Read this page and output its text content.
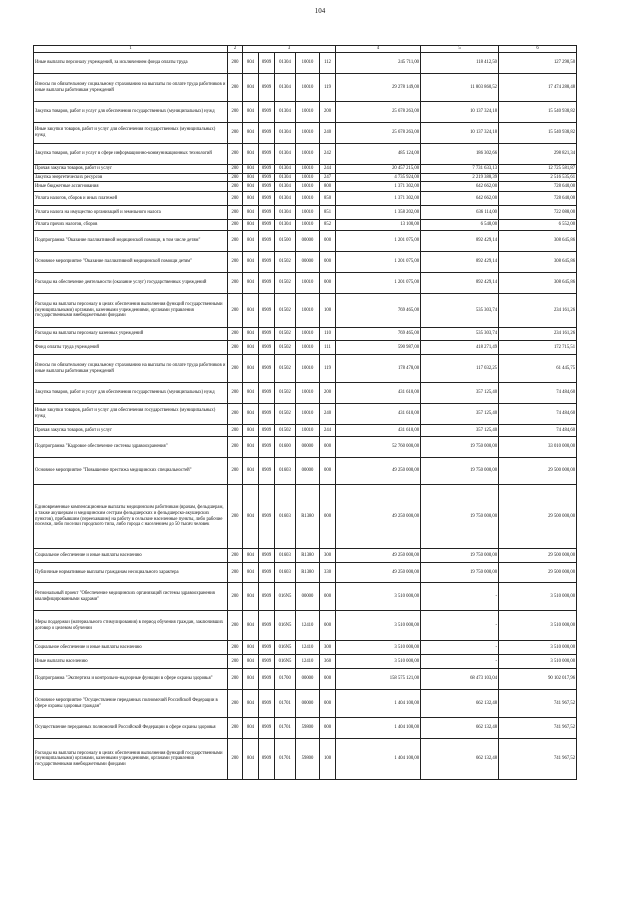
104
1	2	3					4	5	6
Иные выплаты персоналу учреждений, за исключением фонда оплаты труда	200	804	0909	01304	10010	112	245 711,00	118 412,50	127 298,50
Взносы по обязательному социальному страхованию на выплаты по оплате труда работников и иные выплаты работникам учреждений	200	804	0909	01304	10010	119	29 278 149,00	11 803 860,52	17 474 288,48
Закупка товаров, работ и услуг для обеспечения государственных (муниципальных) нужд	200	804	0909	01304	10010	200	25 678 263,00	10 137 324,18	15 540 938,82
Иные закупки товаров, работ и услуг для обеспечения государственных (муниципальных) нужд	200	804	0909	01304	10010	240	25 678 263,00	10 137 324,18	15 540 938,82
Закупка товаров, работ и услуг в сфере информационно-коммуникационных технологий	200	804	0909	01304	10010	242	485 124,00	186 302,66	298 821,34
Прочая закупка товаров, работ и услуг	200	804	0909	01304	10010	244	20 457 215,00	7 731 633,13	12 725 581,87
Закупка энергетических ресурсов	200	804	0909	01304	10010	247	4 735 924,00	2 219 388,39	2 516 535,61
Иные бюджетные ассигнования	200	804	0909	01304	10010	800	1 371 302,00	642 662,00	728 640,00
Уплата налогов, сборов и иных платежей	200	804	0909	01304	10010	850	1 371 302,00	642 662,00	728 640,00
Уплата налога на имущество организаций и земельного налога	200	804	0909	01304	10010	851	1 358 202,00	636 114,00	722 088,00
Уплата прочих налогов, сборов	200	804	0909	01304	10010	852	13 100,00	6 548,00	6 552,00
Подпрограмма "Оказание паллиативной медицинской помощи, в том числе детям"	200	804	0909	01500	00000	000	1 201 075,00	892 429,14	308 645,86
Основное мероприятие "Оказание паллиативной медицинской помощи детям"	200	804	0909	01502	00000	000	1 201 075,00	892 429,14	308 645,86
Расходы на обеспечение деятельности (оказание услуг) государственных учреждений	200	804	0909	01502	10010	000	1 201 075,00	892 429,14	308 645,86
Расходы на выплаты персоналу в целях обеспечения выполнения функций государственными (муниципальными) органами, казенными учреждениями, органами управления государственными внебюджетными фондами	200	804	0909	01502	10010	100	769 465,00	535 303,74	234 161,26
Расходы на выплаты персоналу казенных учреждений	200	804	0909	01502	10010	110	769 465,00	535 303,74	234 161,26
Фонд оплаты труда учреждений	200	804	0909	01502	10010	111	590 987,00	418 271,49	172 715,51
Взносы по обязательному социальному страхованию на выплаты по оплате труда работников и иные выплаты работникам учреждений	200	804	0909	01502	10010	119	178 478,00	117 032,25	61 445,75
Закупка товаров, работ и услуг для обеспечения государственных (муниципальных) нужд	200	804	0909	01502	10010	200	431 610,00	357 125,40	74 484,60
Иные закупки товаров, работ и услуг для обеспечения государственных (муниципальных) нужд	200	804	0909	01502	10010	240	431 610,00	357 125,40	74 484,60
Прочая закупка товаров, работ и услуг	200	804	0909	01502	10010	244	431 610,00	357 125,40	74 484,60
Подпрограмма "Кадровое обеспечение системы здравоохранения"	200	804	0909	01600	00000	000	52 760 000,00	19 750 000,00	33 010 000,00
Основное мероприятие "Повышение престижа медицинских специальностей"	200	804	0909	01603	00000	000	49 250 000,00	19 750 000,00	29 500 000,00
Единовременные компенсационные выплаты медицинским работникам (врачам, фельдшерам, а также акушеркам и медицинским сестрам фельдшерских и фельдшерско-акушерских пунктов), прибывшим (переехавшим) на работу в сельские населенные пункты, либо рабочие поселки, либо поселки городского типа, либо города с населением до 50 тысяч человек	200	804	0909	01603	R1380	000	49 250 000,00	19 750 000,00	29 500 000,00
Социальное обеспечение и иные выплаты населению	200	804	0909	01603	R1380	300	49 250 000,00	19 750 000,00	29 500 000,00
Публичные нормативные выплаты гражданам несоциального характера	200	804	0909	01603	R1380	330	49 250 000,00	19 750 000,00	29 500 000,00
Региональный проект "Обеспечение медицинских организаций системы здравоохранения квалифицированными кадрами"	200	804	0909	016N5	00000	000	3 510 000,00	-	3 510 000,00
Меры поддержки (материального стимулирования) в период обучения граждан, заключивших договор о целевом обучении	200	804	0909	016N5	12410	000	3 510 000,00	-	3 510 000,00
Социальное обеспечение и иные выплаты населению	200	804	0909	016N5	12410	300	3 510 000,00	-	3 510 000,00
Иные выплаты населению	200	804	0909	016N5	12410	360	3 510 000,00	-	3 510 000,00
Подпрограмма "Экспертиза и контрольно-надзорные функции в сфере охраны здоровья"	200	804	0909	01700	00000	000	158 575 121,00	68 473 103,04	90 102 017,96
Основное мероприятие "Осуществление переданных полномочий Российской Федерации в сфере охраны здоровья граждан"	200	804	0909	01701	00000	000	1 404 100,00	662 132,48	741 967,52
Осуществление переданных полномочий Российской Федерации в сфере охраны здоровья	200	804	0909	01701	59800	000	1 404 100,00	662 132,48	741 967,52
Расходы на выплаты персоналу в целях обеспечения выполнения функций государственными (муниципальными) органами, казенными учреждениями, органами управления государственными внебюджетными фондами	200	804	0909	01701	59800	100	1 404 100,00	662 132,48	741 967,52
